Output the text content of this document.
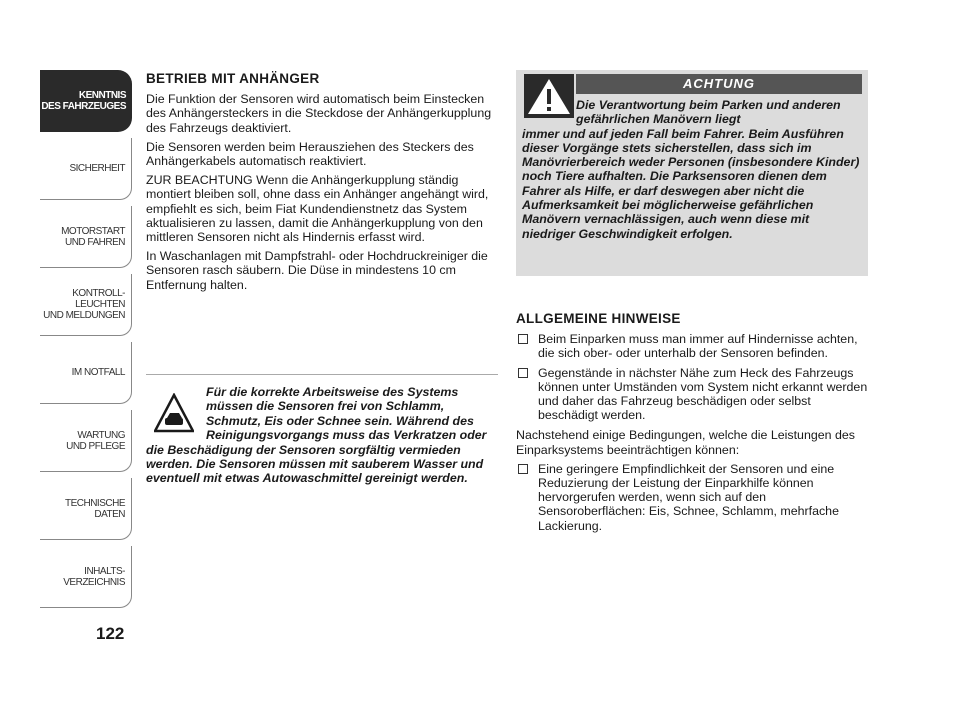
KENNTNIS
DES FAHRZEUGES
SICHERHEIT
MOTORSTART
UND FAHREN
KONTROLL-
LEUCHTEN
UND MELDUNGEN
IM NOTFALL
WARTUNG
UND PFLEGE
TECHNISCHE
DATEN
INHALTS-
VERZEICHNIS
122
BETRIEB MIT ANHÄNGER

Die Funktion der Sensoren wird automatisch beim Einstecken des Anhängersteckers in die Steckdose der Anhängerkupplung des Fahrzeugs deaktiviert.

Die Sensoren werden beim Herausziehen des Steckers des Anhängerkabels automatisch reaktiviert.

ZUR BEACHTUNG Wenn die Anhängerkupplung ständig montiert bleiben soll, ohne dass ein Anhänger angehängt wird, empfiehlt es sich, beim Fiat Kundendienstnetz das System aktualisieren zu lassen, damit die Anhängerkupplung von den mittleren Sensoren nicht als Hindernis erfasst wird.

In Waschanlagen mit Dampfstrahl- oder Hochdruckreiniger die Sensoren rasch säubern. Die Düse in mindestens 10 cm Entfernung halten.

Für die korrekte Arbeitsweise des Systems müssen die Sensoren frei von Schlamm, Schmutz, Eis oder Schnee sein. Während des Reinigungsvorgangs muss das Verkratzen oder die Beschädigung der Sensoren sorgfältig vermieden werden. Die Sensoren müssen mit sauberem Wasser und eventuell mit etwas Autowaschmittel gereinigt werden.
ACHTUNG
Die Verantwortung beim Parken und anderen gefährlichen Manövern liegt
immer und auf jeden Fall beim Fahrer. Beim Ausführen dieser Vorgänge stets sicherstellen, dass sich im Manövrierbereich weder Personen (insbesondere Kinder) noch Tiere aufhalten. Die Parksensoren dienen dem Fahrer als Hilfe, er darf deswegen aber nicht die Aufmerksamkeit bei möglicherweise gefährlichen Manövern vernachlässigen, auch wenn diese mit niedriger Geschwindigkeit erfolgen.
ALLGEMEINE HINWEISE
Beim Einparken muss man immer auf Hindernisse achten, die sich ober- oder unterhalb der Sensoren befinden.
Gegenstände in nächster Nähe zum Heck des Fahrzeugs können unter Umständen vom System nicht erkannt werden und daher das Fahrzeug beschädigen oder selbst beschädigt werden.

Nachstehend einige Bedingungen, welche die Leistungen des Einparksystems beeinträchtigen können:

Eine geringere Empfindlichkeit der Sensoren und eine Reduzierung der Leistung der Einparkhilfe können hervorgerufen werden, wenn sich auf den Sensoroberflächen: Eis, Schnee, Schlamm, mehrfache Lackierung.
